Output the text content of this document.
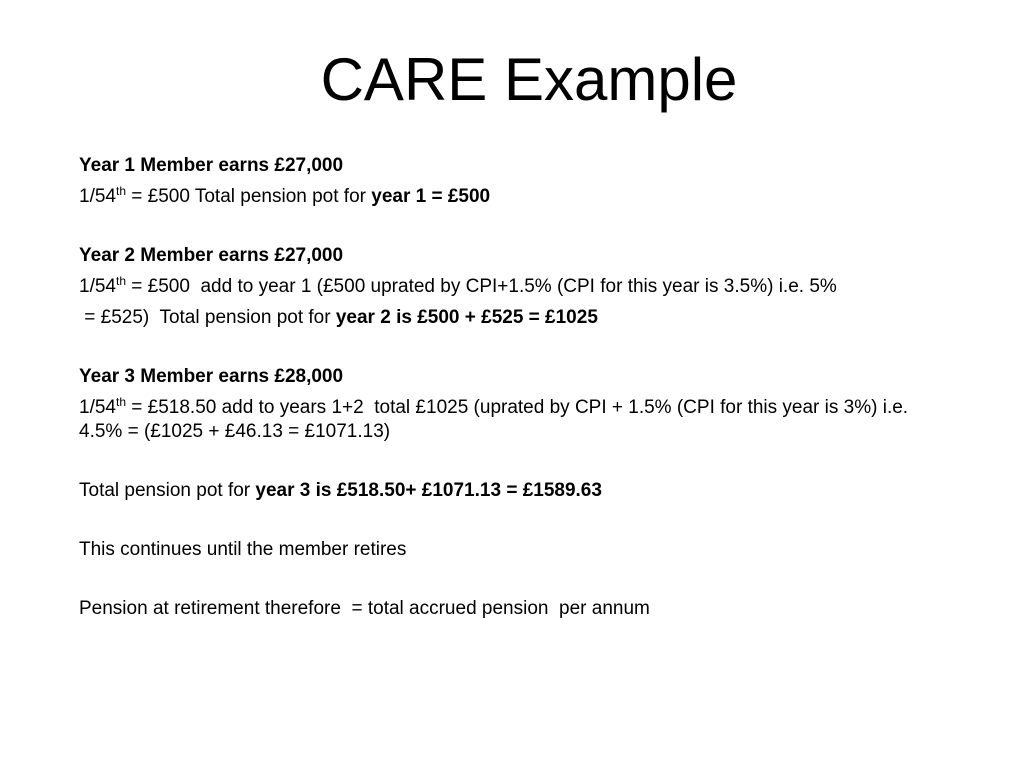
CARE Example

Year 1 Member earns £27,000

1/54th = £500 Total pension pot for year 1 = £500

Year 2 Member earns £27,000

1/54th = £500  add to year 1 (£500 uprated by CPI+1.5% (CPI for this year is 3.5%) i.e. 5%

= £525)  Total pension pot for year 2 is £500 + £525 = £1025

Year 3 Member earns £28,000

1/54th = £518.50 add to years 1+2  total £1025 (uprated by CPI + 1.5% (CPI for this year is 3%) i.e. 4.5% = (£1025 + £46.13 = £1071.13)

Total pension pot for year 3 is £518.50+ £1071.13 = £1589.63

This continues until the member retires

Pension at retirement therefore  = total accrued pension  per annum
